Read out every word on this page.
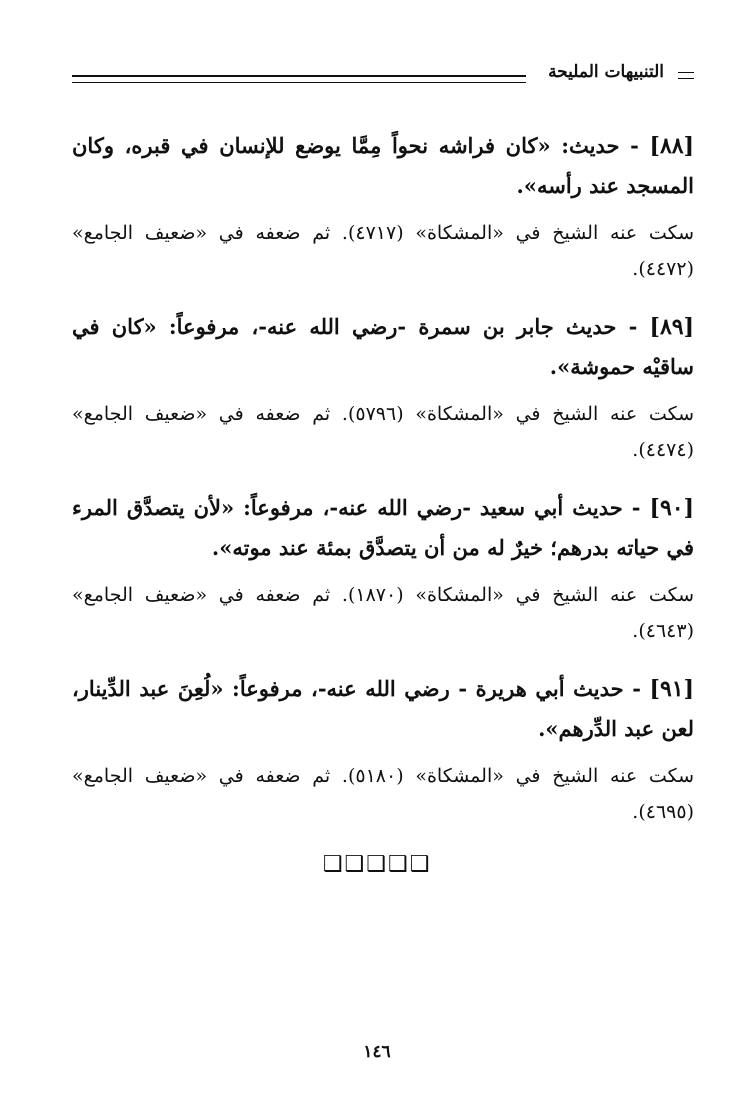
التنبيهات المليحة

[٨٨] - حديث: «كان فراشه نحواً مِمَّا يوضع للإنسان في قبره، وكان المسجد عند رأسه».

سكت عنه الشيخ في «المشكاة» (٤٧١٧). ثم ضعفه في «ضعيف الجامع» (٤٤٧٢).

[٨٩] - حديث جابر بن سمرة -رضي الله عنه-، مرفوعاً: «كان في ساقيْه حموشة».

سكت عنه الشيخ في «المشكاة» (٥٧٩٦). ثم ضعفه في «ضعيف الجامع» (٤٤٧٤).

[٩٠] - حديث أبي سعيد -رضي الله عنه-، مرفوعاً: «لأن يتصدَّق المرء في حياته بدرهم؛ خيرٌ له من أن يتصدَّق بمئة عند موته».

سكت عنه الشيخ في «المشكاة» (١٨٧٠). ثم ضعفه في «ضعيف الجامع» (٤٦٤٣).

[٩١] - حديث أبي هريرة - رضي الله عنه-، مرفوعاً: «لُعِنَ عبد الدِّينار، لعن عبد الدِّرهم».

سكت عنه الشيخ في «المشكاة» (٥١٨٠). ثم ضعفه في «ضعيف الجامع» (٤٦٩٥).

❑❑❑❑❑
١٤٦
